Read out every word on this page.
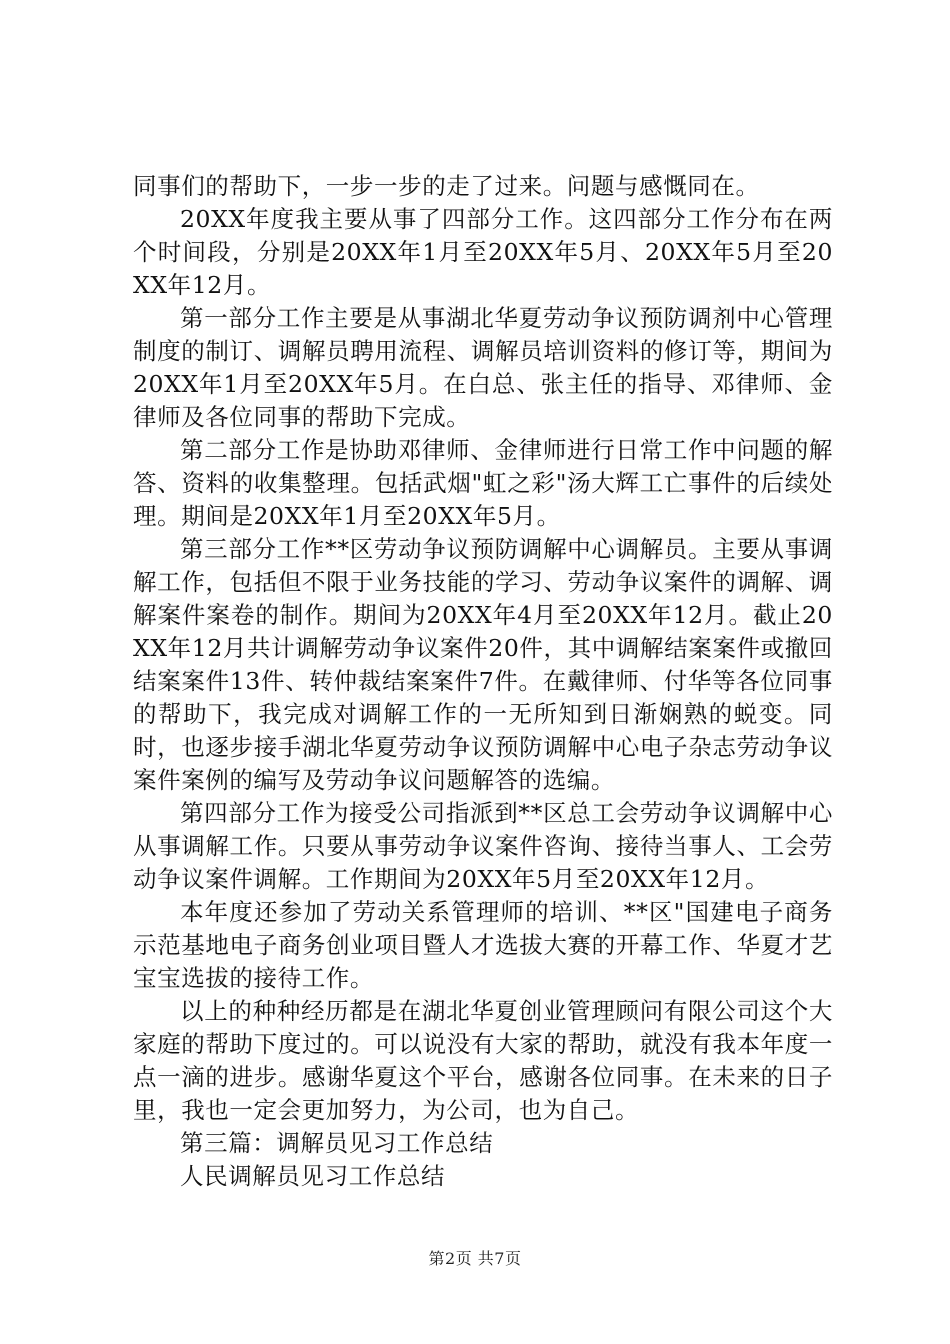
同事们的帮助下，一步一步的走了过来。问题与感慨同在。

20XX年度我主要从事了四部分工作。这四部分工作分布在两个时间段，分别是20XX年1月至20XX年5月、20XX年5月至20XX年12月。

第一部分工作主要是从事湖北华夏劳动争议预防调剂中心管理制度的制订、调解员聘用流程、调解员培训资料的修订等，期间为20XX年1月至20XX年5月。在白总、张主任的指导、邓律师、金律师及各位同事的帮助下完成。

第二部分工作是协助邓律师、金律师进行日常工作中问题的解答、资料的收集整理。包括武烟"虹之彩"汤大辉工亡事件的后续处理。期间是20XX年1月至20XX年5月。

第三部分工作**区劳动争议预防调解中心调解员。主要从事调解工作，包括但不限于业务技能的学习、劳动争议案件的调解、调解案件案卷的制作。期间为20XX年4月至20XX年12月。截止20XX年12月共计调解劳动争议案件20件，其中调解结案案件或撤回结案案件13件、转仲裁结案案件7件。在戴律师、付华等各位同事的帮助下，我完成对调解工作的一无所知到日渐娴熟的蜕变。同时，也逐步接手湖北华夏劳动争议预防调解中心电子杂志劳动争议案件案例的编写及劳动争议问题解答的选编。

第四部分工作为接受公司指派到**区总工会劳动争议调解中心从事调解工作。只要从事劳动争议案件咨询、接待当事人、工会劳动争议案件调解。工作期间为20XX年5月至20XX年12月。

本年度还参加了劳动关系管理师的培训、**区"国建电子商务示范基地电子商务创业项目暨人才选拔大赛的开幕工作、华夏才艺宝宝选拔的接待工作。

以上的种种经历都是在湖北华夏创业管理顾问有限公司这个大家庭的帮助下度过的。可以说没有大家的帮助，就没有我本年度一点一滴的进步。感谢华夏这个平台，感谢各位同事。在未来的日子里，我也一定会更加努力，为公司，也为自己。

第三篇：调解员见习工作总结

人民调解员见习工作总结

第2页 共7页
